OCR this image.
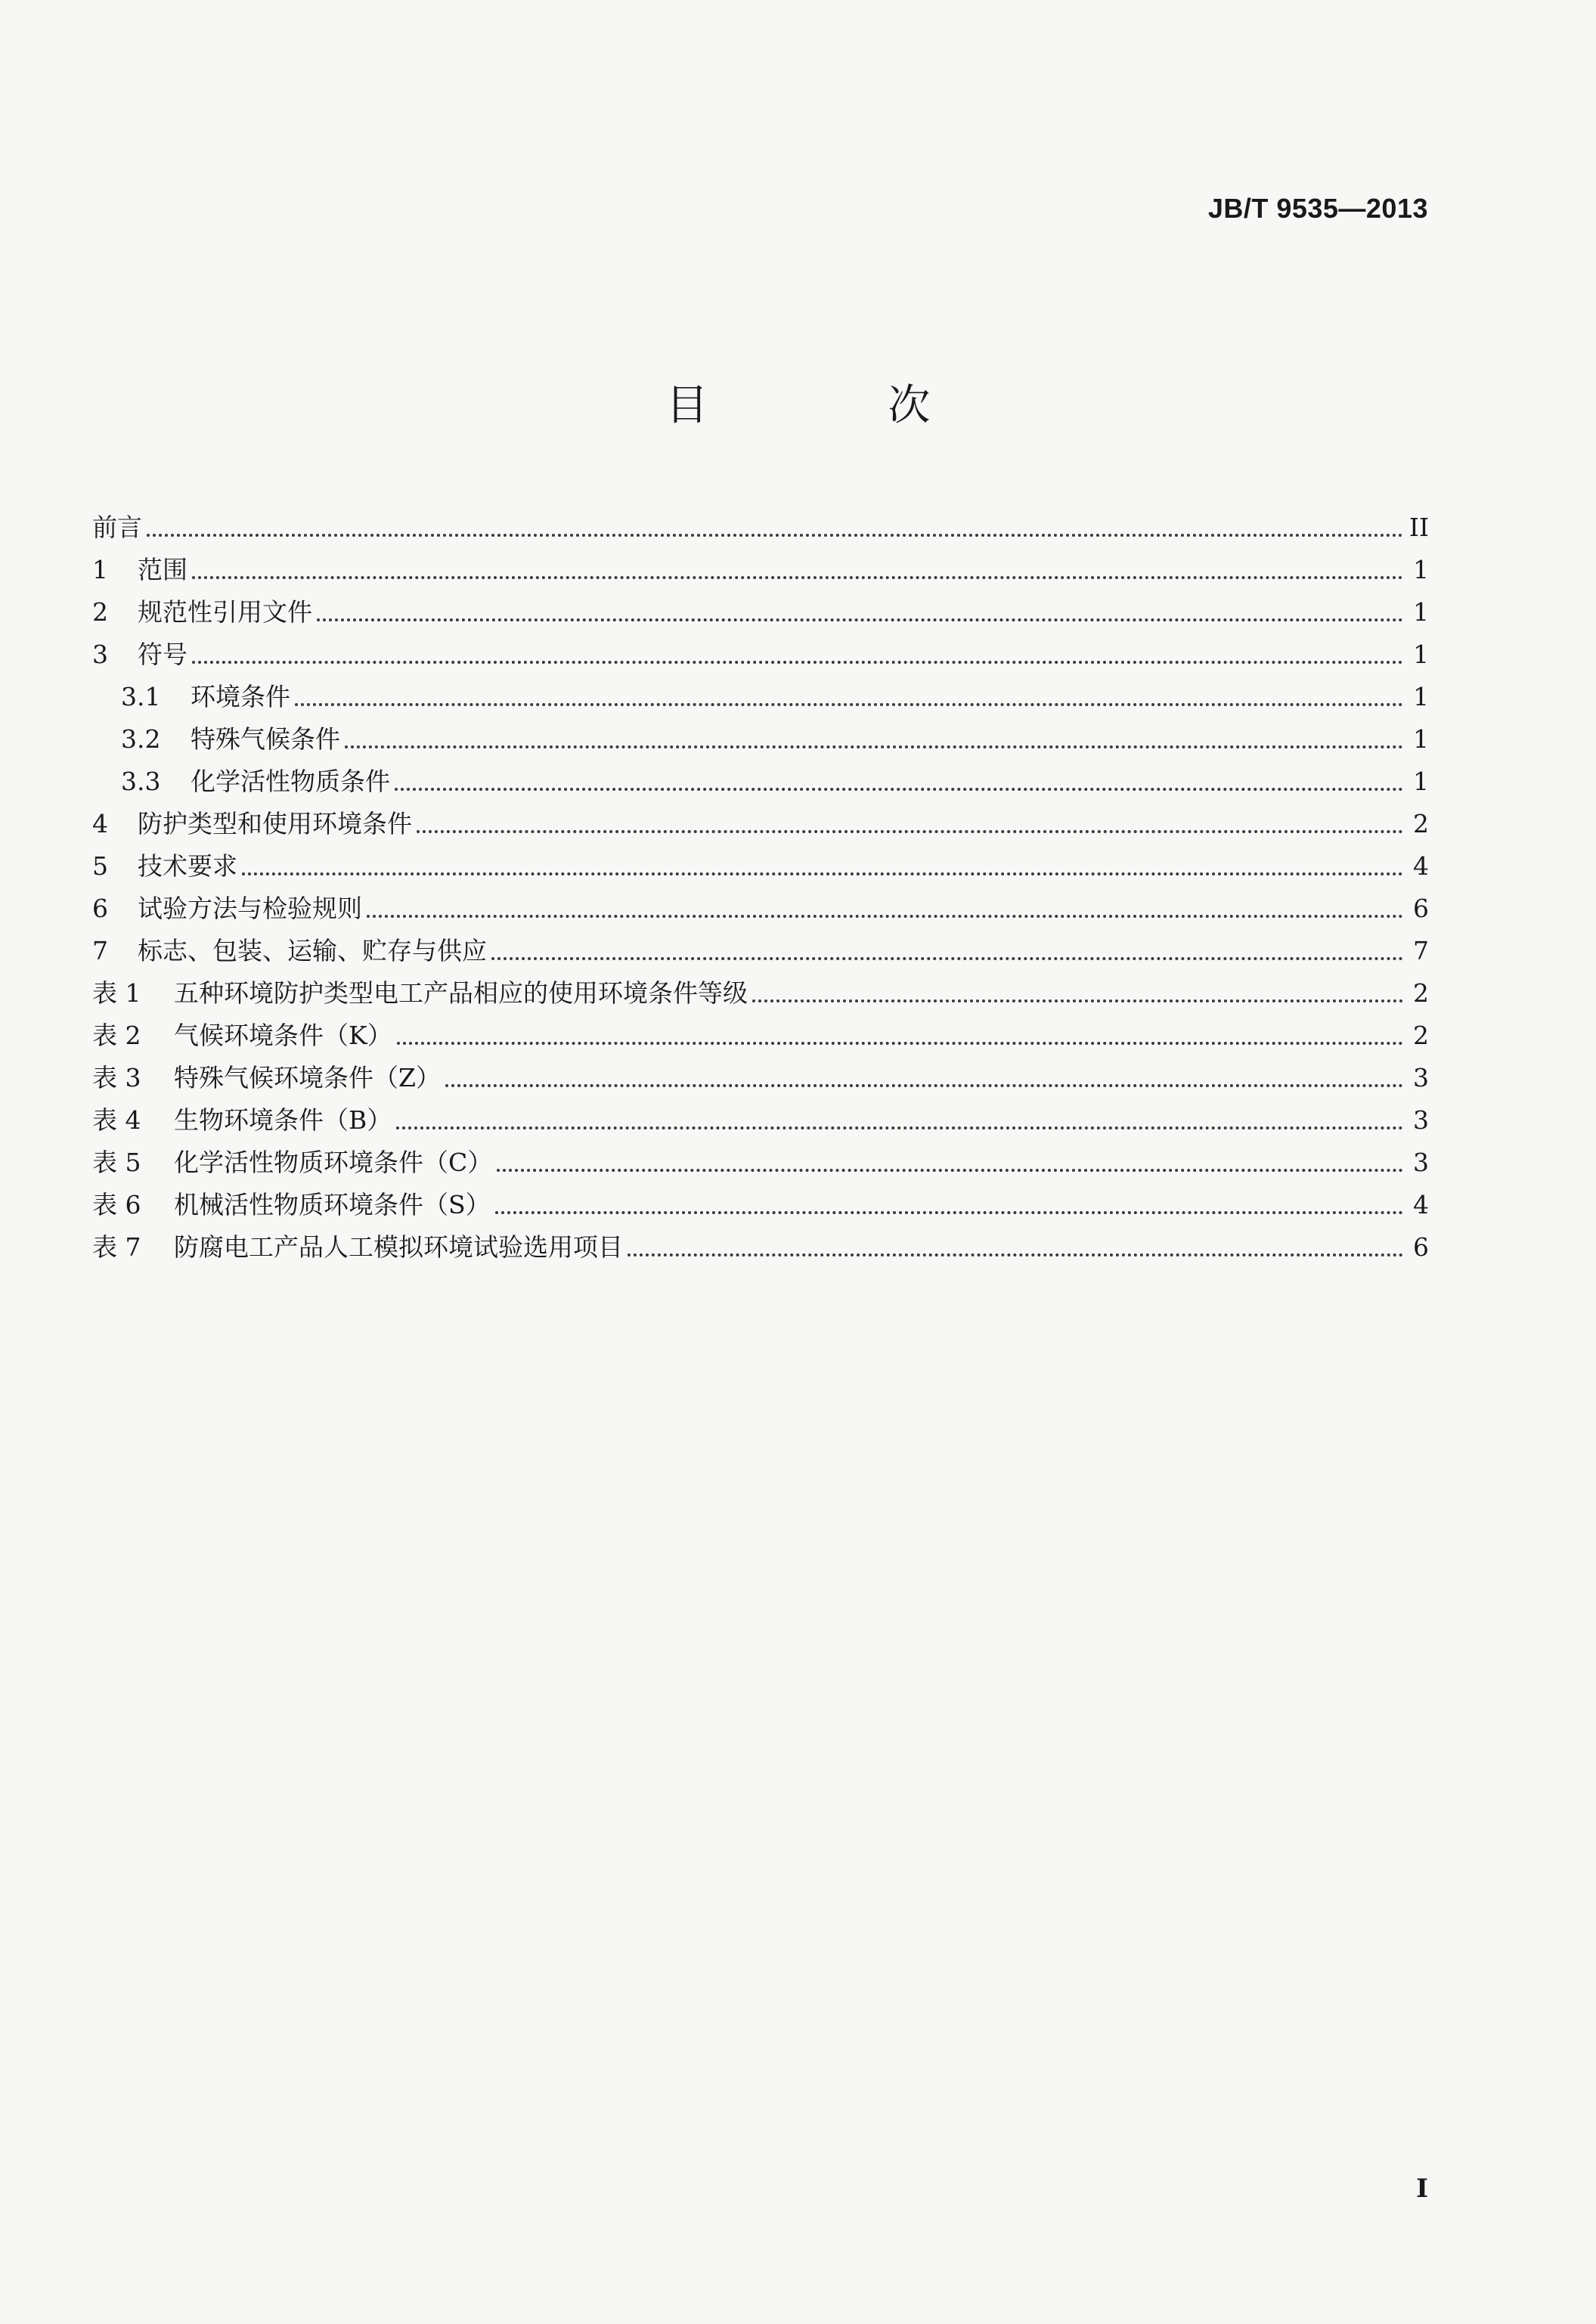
JB/T 9535—2013
目 次
前言	II
1	范围	1
2	规范性引用文件	1
3	符号	1
3.1	环境条件	1
3.2	特殊气候条件	1
3.3	化学活性物质条件	1
4	防护类型和使用环境条件	2
5	技术要求	4
6	试验方法与检验规则	6
7	标志、包装、运输、贮存与供应	7
表 1	五种环境防护类型电工产品相应的使用环境条件等级	2
表 2	气候环境条件（K）	2
表 3	特殊气候环境条件（Z）	3
表 4	生物环境条件（B）	3
表 5	化学活性物质环境条件（C）	3
表 6	机械活性物质环境条件（S）	4
表 7	防腐电工产品人工模拟环境试验选用项目	6
I
